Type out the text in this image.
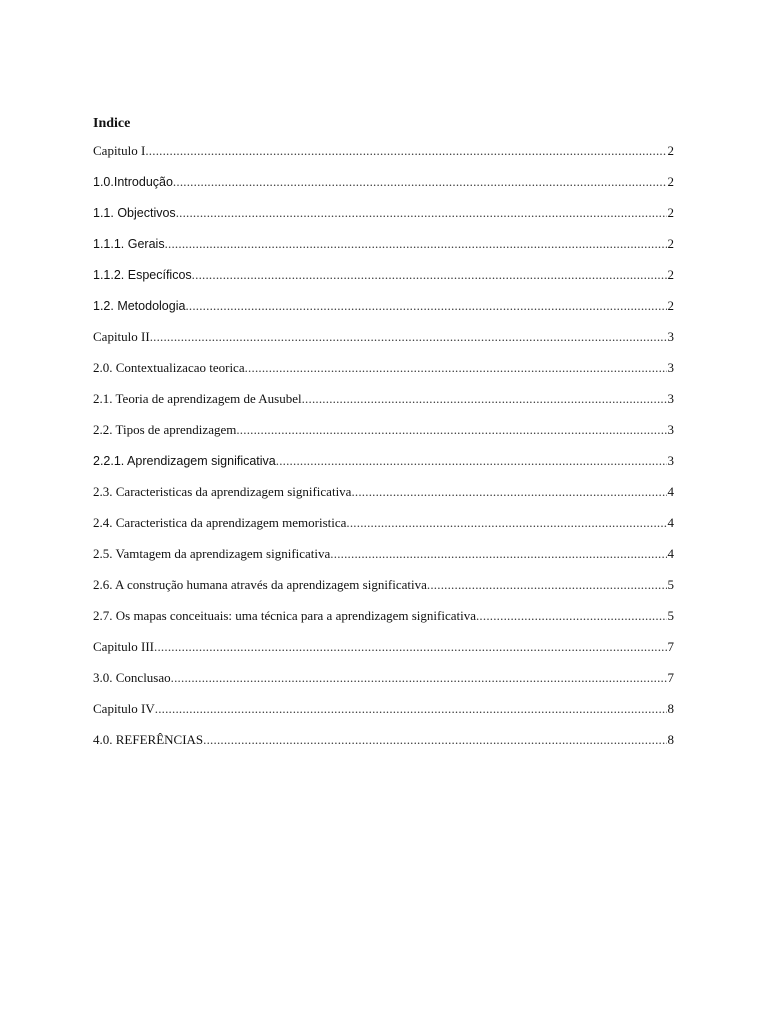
Indice
Capitulo I .....	2
1.0.Introdução .....	2
1.1. Objectivos .....	2
1.1.1. Gerais .....	2
1.1.2. Específicos .....	2
1.2. Metodologia .....	2
Capitulo II .....	3
2.0. Contextualizacao teorica .....	3
2.1. Teoria de aprendizagem de Ausubel .....	3
2.2. Tipos de aprendizagem .....	3
2.2.1. Aprendizagem significativa .....	3
2.3. Caracteristicas da aprendizagem significativa .....	4
2.4. Caracteristica da aprendizagem memoristica .....	4
2.5. Vamtagem da aprendizagem significativa .....	4
2.6. A construção humana através da aprendizagem significativa .....	5
2.7. Os mapas conceituais: uma técnica para a aprendizagem significativa .....	5
Capitulo III .....	7
3.0. Conclusao .....	7
Capitulo IV .....	8
4.0. REFERÊNCIAS .....	8
